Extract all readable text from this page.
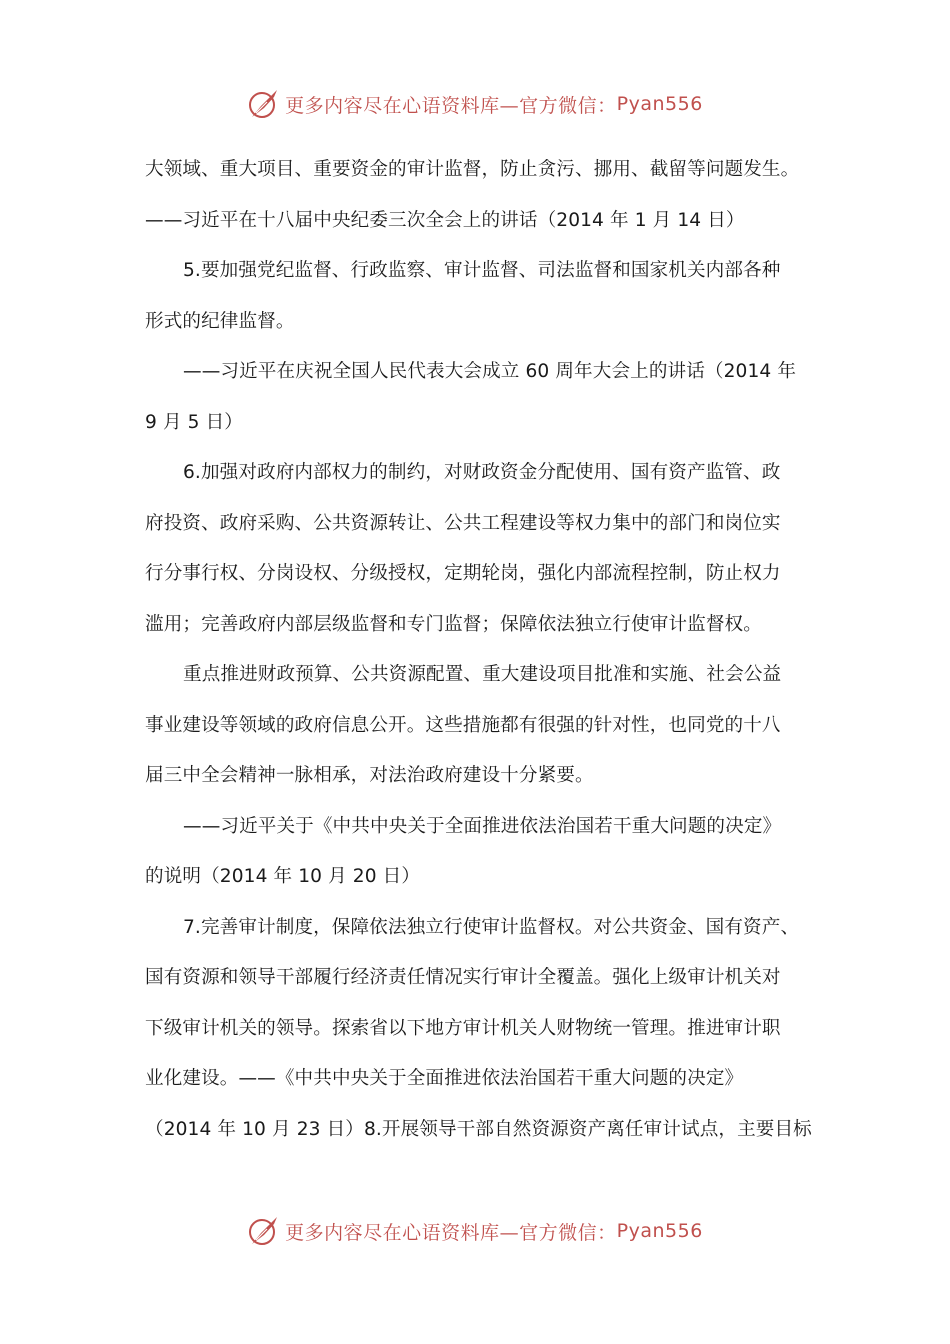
更多内容尽在心语资料库—官方微信： Pyan556
大领域、重大项目、重要资金的审计监督，防止贪污、挪用、截留等问题发生。
——习近平在十八届中央纪委三次全会上的讲话（2014 年 1 月 14 日）
5.要加强党纪监督、行政监察、审计监督、司法监督和国家机关内部各种
形式的纪律监督。
——习近平在庆祝全国人民代表大会成立 60 周年大会上的讲话（2014 年
9 月 5 日）
6.加强对政府内部权力的制约，对财政资金分配使用、国有资产监管、政
府投资、政府采购、公共资源转让、公共工程建设等权力集中的部门和岗位实
行分事行权、分岗设权、分级授权，定期轮岗，强化内部流程控制，防止权力
滥用；完善政府内部层级监督和专门监督；保障依法独立行使审计监督权。
重点推进财政预算、公共资源配置、重大建设项目批准和实施、社会公益
事业建设等领域的政府信息公开。这些措施都有很强的针对性，也同党的十八
届三中全会精神一脉相承，对法治政府建设十分紧要。
——习近平关于《中共中央关于全面推进依法治国若干重大问题的决定》
的说明（2014 年 10 月 20 日）
7.完善审计制度，保障依法独立行使审计监督权。对公共资金、国有资产、
国有资源和领导干部履行经济责任情况实行审计全覆盖。强化上级审计机关对
下级审计机关的领导。探索省以下地方审计机关人财物统一管理。推进审计职
业化建设。——《中共中央关于全面推进依法治国若干重大问题的决定》
（2014 年 10 月 23 日）8.开展领导干部自然资源资产离任审计试点，主要目标
更多内容尽在心语资料库—官方微信： Pyan556
